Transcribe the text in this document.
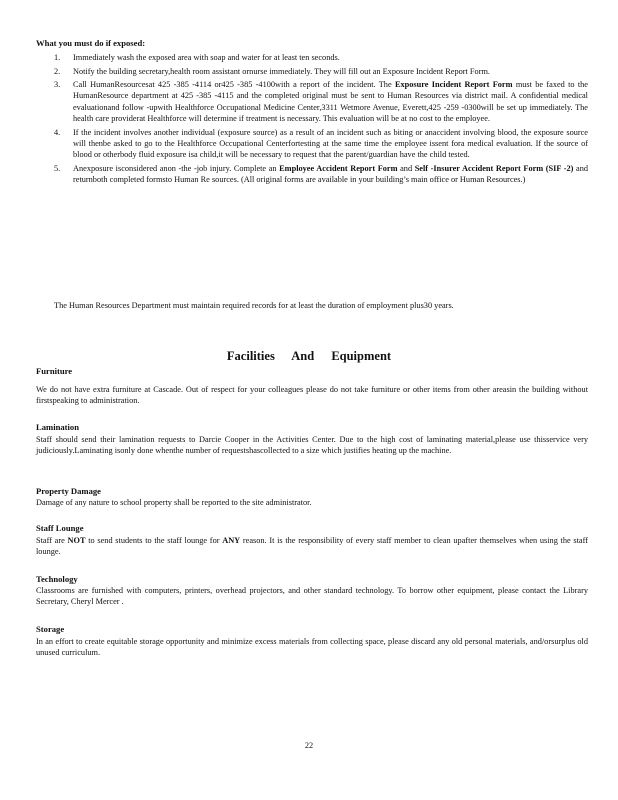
What you must do if exposed:

1. Immediately wash the exposed area with soap and water for at least ten seconds.
2. Notify the building secretary,health room assistant ornurse immediately. They will fill out an Exposure Incident Report Form.
3. Call HumanResourcesat 425 -385 -4114 or425 -385 -4100with a report of the incident. The Exposure Incident Report Form must be faxed to the HumanResource department at 425 -385 -4115 and the completed original must be sent to Human Resources via district mail. A confidential medical evaluationand follow -upwith Healthforce Occupational Medicine Center,3311 Wetmore Avenue, Everett,425 -259 -0300will be set up immediately. The health care providerat Healthforce will determine if treatment is necessary. This evaluation will be at no cost to the employee.
4. If the incident involves another individual (exposure source) as a result of an incident such as biting or anaccident involving blood, the exposure source will thenbe asked to go to the Healthforce Occupational Centerfortesting at the same time the employee issent fora medical evaluation. If the source of blood or otherbody fluid exposure isa child,it will be necessary to request that the parent/guardian have the child tested.
5. Anexposure isconsidered anon -the -job injury. Complete an Employee Accident Report Form and Self -Insurer Accident Report Form (SIF -2) and returnboth completed formsto Human Re sources. (All original forms are available in your building’s main office or Human Resources.)

The Human Resources Department must maintain required records for at least the duration of employment plus30 years.

Facilities And Equipment

Furniture

We do not have extra furniture at Cascade. Out of respect for your colleagues please do not take furniture or other items from other areasin the building without firstspeaking to administration.

Lamination

Staff should send their lamination requests to Darcie Cooper in the Activities Center. Due to the high cost of laminating material,please use thisservice very judiciously.Laminating isonly done whenthe number of requestshascollected to a size which justifies heating up the machine.

Property Damage

Damage of any nature to school property shall be reported to the site administrator.

Staff Lounge

Staff are NOT to send students to the staff lounge for ANY reason. It is the responsibility of every staff member to clean upafter themselves when using the staff lounge.

Technology

Classrooms are furnished with computers, printers, overhead projectors, and other standard technology. To borrow other equipment, please contact the Library Secretary, Cheryl Mercer .

Storage

In an effort to create equitable storage opportunity and minimize excess materials from collecting space, please discard any old personal materials, and/orsurplus old unused curriculum.

22
